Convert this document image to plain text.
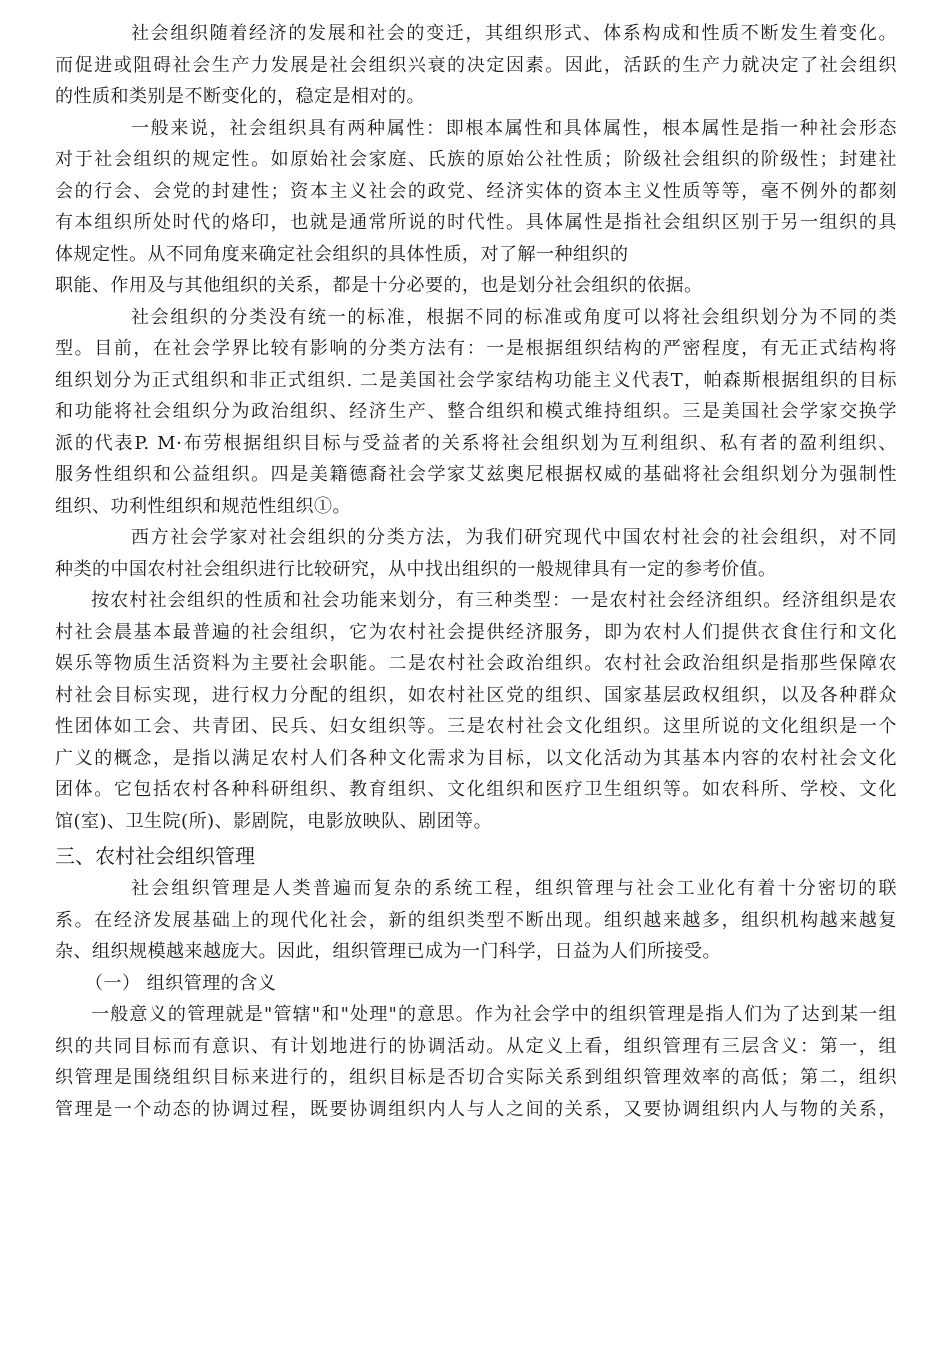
社会组织随着经济的发展和社会的变迁，其组织形式、体系构成和性质不断发生着变化。
而促进或阻碍社会生产力发展是社会组织兴衰的决定因素。因此，活跃的生产力就决定了社会组织
的性质和类别是不断变化的，稳定是相对的。
一般来说，社会组织具有两种属性：即根本属性和具体属性，根本属性是指一种社会形态
对于社会组织的规定性。如原始社会家庭、氏族的原始公社性质；阶级社会组织的阶级性；封建社
会的行会、会党的封建性；资本主义社会的政党、经济实体的资本主义性质等等，毫不例外的都刻
有本组织所处时代的烙印，也就是通常所说的时代性。具体属性是指社会组织区别于另一组织的具
体规定性。从不同角度来确定社会组织的具体性质，对了解一种组织的
职能、作用及与其他组织的关系，都是十分必要的，也是划分社会组织的依据。
社会组织的分类没有统一的标准，根据不同的标准或角度可以将社会组织划分为不同的类
型。目前，在社会学界比较有影响的分类方法有：一是根据组织结构的严密程度，有无正式结构将
组织划分为正式组织和非正式组织. 二是美国社会学家结构功能主义代表T，帕森斯根据组织的目标
和功能将社会组织分为政治组织、经济生产、整合组织和模式维持组织。三是美国社会学家交换学
派的代表P. M·布劳根据组织目标与受益者的关系将社会组织划为互利组织、私有者的盈利组织、
服务性组织和公益组织。四是美籍德裔社会学家艾兹奥尼根据权威的基础将社会组织划分为强制性
组织、功利性组织和规范性组织①。
西方社会学家对社会组织的分类方法，为我们研究现代中国农村社会的社会组织，对不同
种类的中国农村社会组织进行比较研究，从中找出组织的一般规律具有一定的参考价值。
按农村社会组织的性质和社会功能来划分，有三种类型：一是农村社会经济组织。经济组织是农
村社会晨基本最普遍的社会组织，它为农村社会提供经济服务，即为农村人们提供衣食住行和文化
娱乐等物质生活资料为主要社会职能。二是农村社会政治组织。农村社会政治组织是指那些保障农
村社会目标实现，进行权力分配的组织，如农村社区党的组织、国家基层政权组织，以及各种群众
性团体如工会、共青团、民兵、妇女组织等。三是农村社会文化组织。这里所说的文化组织是一个
广义的概念，是指以满足农村人们各种文化需求为目标，以文化活动为其基本内容的农村社会文化
团体。它包括农村各种科研组织、教育组织、文化组织和医疗卫生组织等。如农科所、学校、文化
馆(室)、卫生院(所)、影剧院，电影放映队、剧团等。
三、农村社会组织管理
社会组织管理是人类普遍而复杂的系统工程，组织管理与社会工业化有着十分密切的联
系。在经济发展基础上的现代化社会，新的组织类型不断出现。组织越来越多，组织机构越来越复
杂、组织规模越来越庞大。因此，组织管理已成为一门科学，日益为人们所接受。
（一） 组织管理的含义
一般意义的管理就是"管辖"和"处理"的意思。作为社会学中的组织管理是指人们为了达到某一组
织的共同目标而有意识、有计划地进行的协调活动。从定义上看，组织管理有三层含义：第一，组
织管理是围绕组织目标来进行的，组织目标是否切合实际关系到组织管理效率的高低；第二，组织
管理是一个动态的协调过程，既要协调组织内人与人之间的关系，又要协调组织内人与物的关系，
